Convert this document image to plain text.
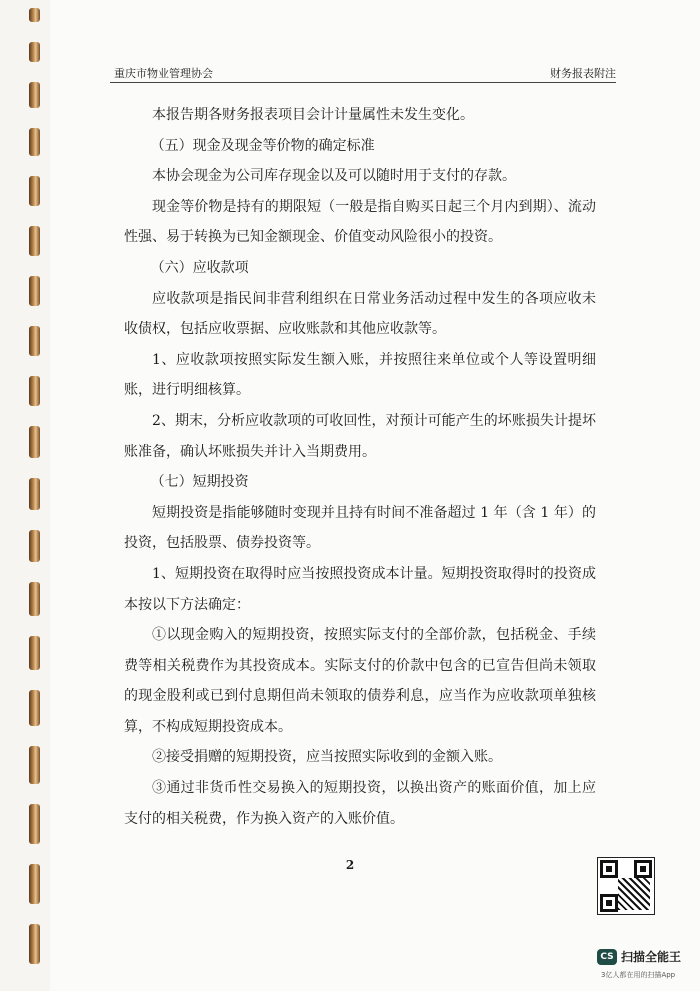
重庆市物业管理协会	财务报表附注

本报告期各财务报表项目会计计量属性未发生变化。

（五）现金及现金等价物的确定标准

本协会现金为公司库存现金以及可以随时用于支付的存款。

现金等价物是持有的期限短（一般是指自购买日起三个月内到期）、流动性强、易于转换为已知金额现金、价值变动风险很小的投资。

（六）应收款项

应收款项是指民间非营利组织在日常业务活动过程中发生的各项应收未收债权，包括应收票据、应收账款和其他应收款等。

1、应收款项按照实际发生额入账，并按照往来单位或个人等设置明细账，进行明细核算。

2、期末，分析应收款项的可收回性，对预计可能产生的坏账损失计提坏账准备，确认坏账损失并计入当期费用。

（七）短期投资

短期投资是指能够随时变现并且持有时间不准备超过 1 年（含 1 年）的投资，包括股票、债券投资等。

1、短期投资在取得时应当按照投资成本计量。短期投资取得时的投资成本按以下方法确定：

①以现金购入的短期投资，按照实际支付的全部价款，包括税金、手续费等相关税费作为其投资成本。实际支付的价款中包含的已宣告但尚未领取的现金股利或已到付息期但尚未领取的债券利息，应当作为应收款项单独核算，不构成短期投资成本。

②接受捐赠的短期投资，应当按照实际收到的金额入账。

③通过非货币性交易换入的短期投资，以换出资产的账面价值，加上应支付的相关税费，作为换入资产的入账价值。

2
CS 扫描全能王
3亿人都在用的扫描App
